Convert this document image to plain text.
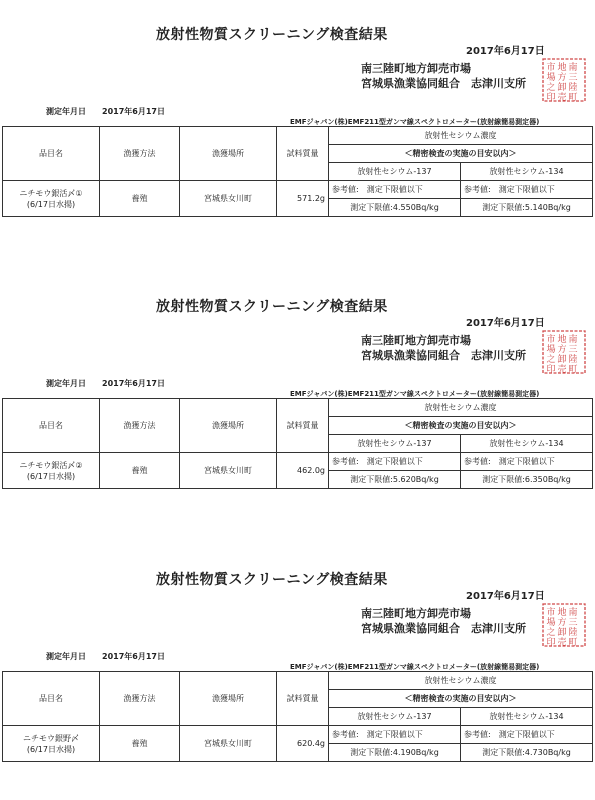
放射性物質スクリーニング検査結果
2017年6月17日
南三陸町地方卸売市場
宮城県漁業協同組合　志津川支所
南
三
陸
町
地
方
卸
売
市
場
之
印
測定年月日 2017年6月17日
EMFジャパン(株)EMF211型ガンマ線スペクトロメーター(放射線簡易測定器)
品目名	漁獲方法	漁獲場所	試料質量	放射性セシウム濃度	
				＜精密検査の実施の目安以内＞	
				放射性セシウム-137	放射性セシウム-134

ニチモウ銀活〆①
(6/17日水揚)	養殖	宮城県女川町	571.2g	参考値:　測定下限値以下	参考値:　測定下限値以下
				測定下限値:4.550Bq/kg	測定下限値:5.140Bq/kg
放射性物質スクリーニング検査結果
2017年6月17日
南三陸町地方卸売市場
宮城県漁業協同組合　志津川支所
南
三
陸
町
地
方
卸
売
市
場
之
印
測定年月日 2017年6月17日
EMFジャパン(株)EMF211型ガンマ線スペクトロメーター(放射線簡易測定器)
品目名	漁獲方法	漁獲場所	試料質量	放射性セシウム濃度	
				＜精密検査の実施の目安以内＞	
				放射性セシウム-137	放射性セシウム-134

ニチモウ銀活〆②
(6/17日水揚)	養殖	宮城県女川町	462.0g	参考値:　測定下限値以下	参考値:　測定下限値以下
				測定下限値:5.620Bq/kg	測定下限値:6.350Bq/kg
放射性物質スクリーニング検査結果
2017年6月17日
南三陸町地方卸売市場
宮城県漁業協同組合　志津川支所
南
三
陸
町
地
方
卸
売
市
場
之
印
測定年月日 2017年6月17日
EMFジャパン(株)EMF211型ガンマ線スペクトロメーター(放射線簡易測定器)
品目名	漁獲方法	漁獲場所	試料質量	放射性セシウム濃度	
				＜精密検査の実施の目安以内＞	
				放射性セシウム-137	放射性セシウム-134

ニチモウ銀野〆
(6/17日水揚)	養殖	宮城県女川町	620.4g	参考値:　測定下限値以下	参考値:　測定下限値以下
				測定下限値:4.190Bq/kg	測定下限値:4.730Bq/kg
